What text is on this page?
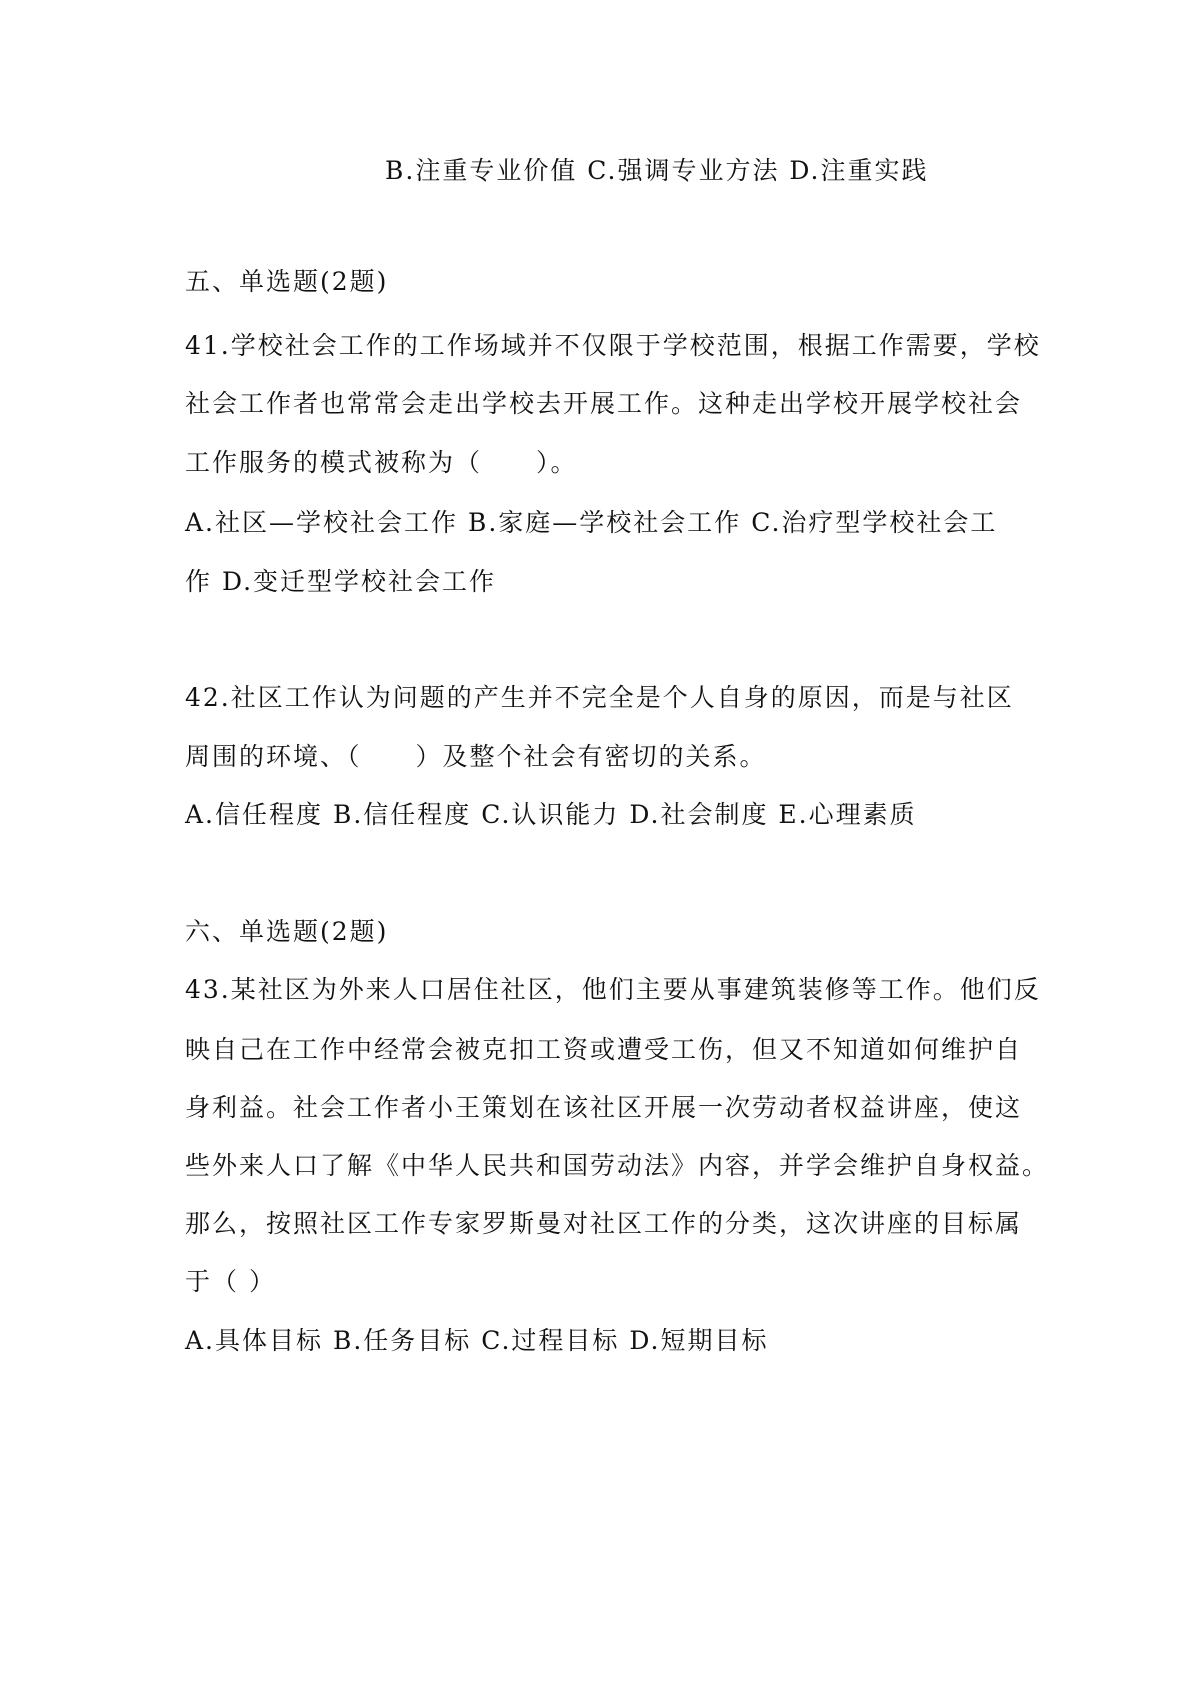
B.注重专业价值 C.强调专业方法 D.注重实践
五、单选题(2题)
41.学校社会工作的工作场域并不仅限于学校范围，根据工作需要，学校
社会工作者也常常会走出学校去开展工作。这种走出学校开展学校社会
工作服务的模式被称为（　　）。
A.社区—学校社会工作 B.家庭—学校社会工作 C.治疗型学校社会工
作 D.变迁型学校社会工作
42.社区工作认为问题的产生并不完全是个人自身的原因，而是与社区
周围的环境、（　　）及整个社会有密切的关系。
A.信任程度 B.信任程度 C.认识能力 D.社会制度 E.心理素质
六、单选题(2题)
43.某社区为外来人口居住社区，他们主要从事建筑装修等工作。他们反
映自己在工作中经常会被克扣工资或遭受工伤，但又不知道如何维护自
身利益。社会工作者小王策划在该社区开展一次劳动者权益讲座，使这
些外来人口了解《中华人民共和国劳动法》内容，并学会维护自身权益。
那么，按照社区工作专家罗斯曼对社区工作的分类，这次讲座的目标属
于（ ）
A.具体目标 B.任务目标 C.过程目标 D.短期目标
